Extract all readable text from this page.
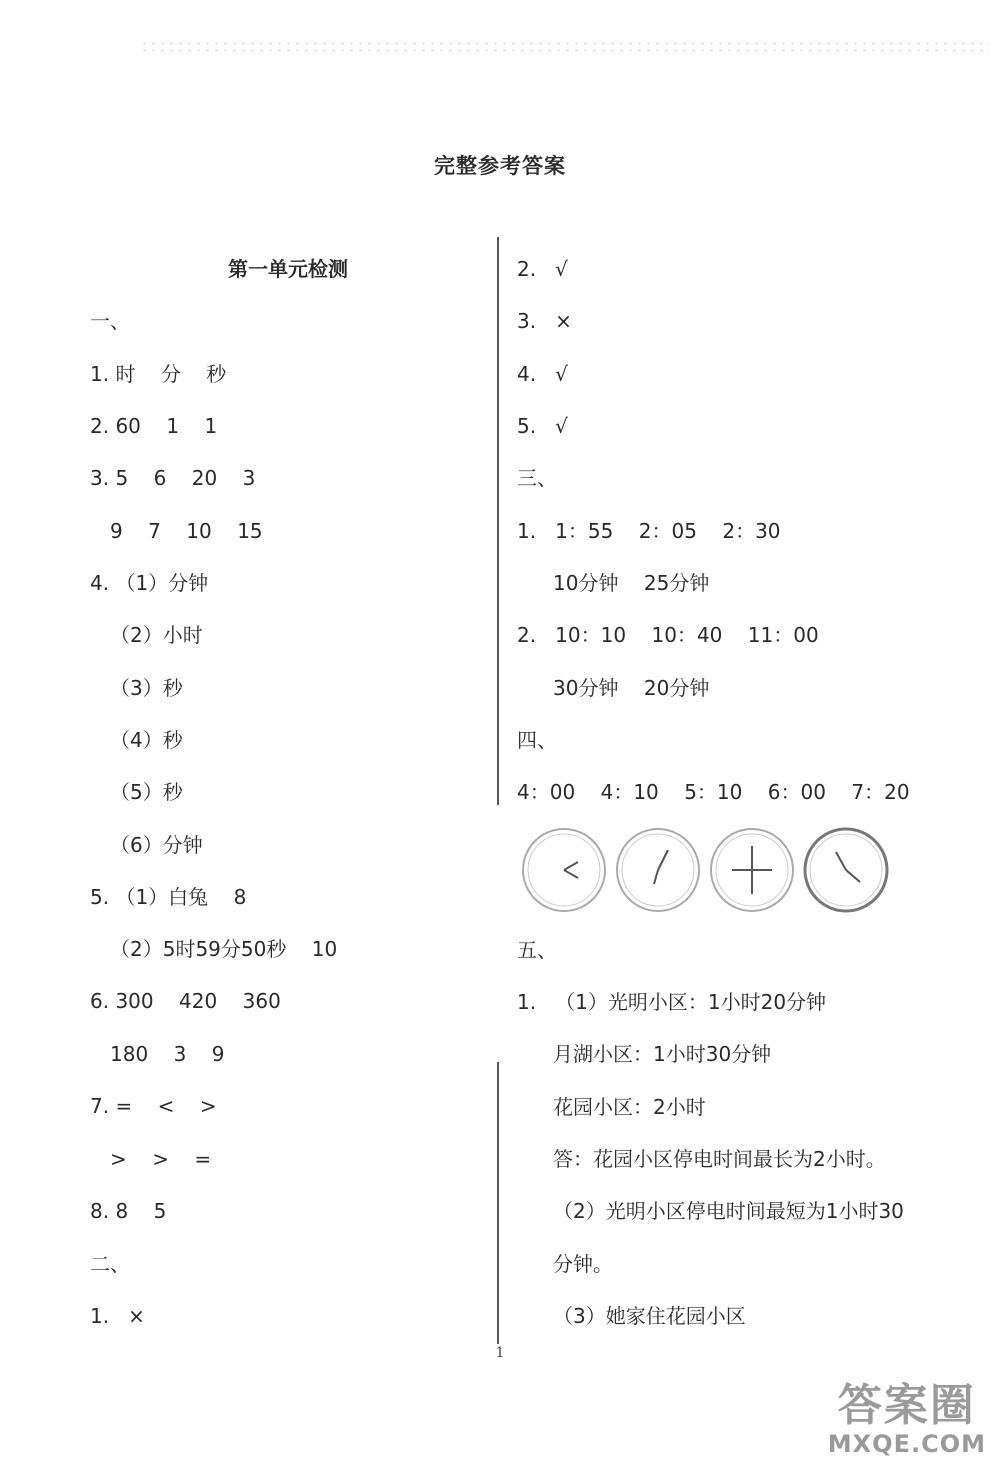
完整参考答案
第一单元检测
一、
1. 时    分    秒
2. 60    1    1
3. 5    6    20    3
9    7    10    15
4. （1）分钟
（2）小时
（3）秒
（4）秒
（5）秒
（6）分钟
5. （1）白兔    8
（2）5时59分50秒    10
6. 300    420    360
180    3    9
7. =    <    >
>    >    =
8. 8    5
二、
1.   ×
2.   √
3.   ×
4.   √
5.   √
三、
1.   1：55    2：05    2：30
10分钟    25分钟
2.   10：10    10：40    11：00
30分钟    20分钟
四、
4：00    4：10    5：10    6：00    7：20
五、
1.   （1）光明小区：1小时20分钟
月湖小区：1小时30分钟
花园小区：2小时
答：花园小区停电时间最长为2小时。
（2）光明小区停电时间最短为1小时30
分钟。
（3）她家住花园小区
1
答案圈
MXQE.COM
